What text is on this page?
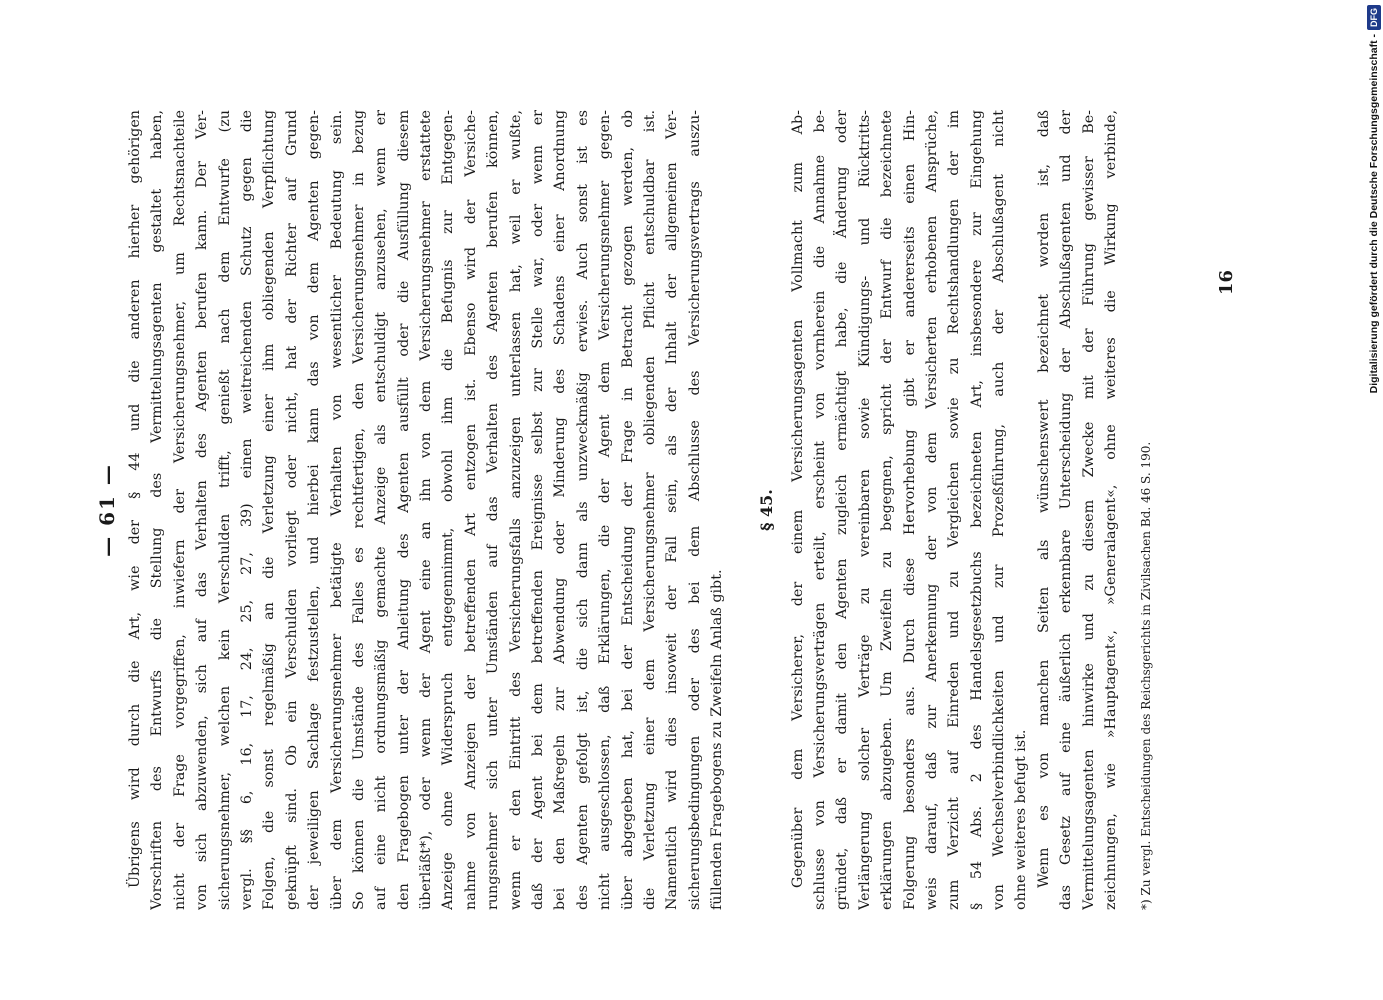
— 61 — Übrigens wird durch die Art, wie der § 44 und die anderen hierher gehörigen Vorschriften des Entwurfs die Stellung des Vermittelungsagenten gestaltet haben, nicht der Frage vorgegriffen, inwiefern der Versicherungsnehmer, um Rechtsnachteile von sich abzuwenden, sich auf das Verhalten des Agenten berufen kann. Der Ver- sicherungsnehmer, welchen kein Verschulden trifft, genießt nach dem Entwurfe (zu vergl. §§ 6, 16, 17, 24, 25, 27, 39) einen weitreichenden Schutz gegen die Folgen, die sonst regelmäßig an die Verletzung einer ihm obliegenden Verpflichtung geknüpft sind. Ob ein Verschulden vorliegt oder nicht, hat der Richter auf Grund der jeweiligen Sachlage festzustellen, und hierbei kann das von dem Agenten gegen- über dem Versicherungsnehmer betätigte Verhalten von wesentlicher Bedeutung sein. So können die Umstände des Falles es rechtfertigen, den Versicherungsnehmer in bezug auf eine nicht ordnungsmäßig gemachte Anzeige als entschuldigt anzusehen, wenn er den Fragebogen unter der Anleitung des Agenten ausfüllt oder die Ausfüllung diesem überläßt*), oder wenn der Agent eine an ihn von dem Versicherungsnehmer erstattete Anzeige ohne Widerspruch entgegennimmt, obwohl ihm die Befugnis zur Entgegen- nahme von Anzeigen der betreffenden Art entzogen ist. Ebenso wird der Versiche- rungsnehmer sich unter Umständen auf das Verhalten des Agenten berufen können, wenn er den Eintritt des Versicherungsfalls anzuzeigen unterlassen hat, weil er wußte, daß der Agent bei dem betreffenden Ereignisse selbst zur Stelle war, oder wenn er bei den Maßregeln zur Abwendung oder Minderung des Schadens einer Anordnung des Agenten gefolgt ist, die sich dann als unzweckmäßig erwies. Auch sonst ist es nicht ausgeschlossen, daß Erklärungen, die der Agent dem Versicherungsnehmer gegen- über abgegeben hat, bei der Entscheidung der Frage in Betracht gezogen werden, ob die Verletzung einer dem Versicherungsnehmer obliegenden Pflicht entschuldbar ist. Namentlich wird dies insoweit der Fall sein, als der Inhalt der allgemeinen Ver- sicherungsbedingungen oder des bei dem Abschlusse des Versicherungsvertrags auszu- füllenden Fragebogens zu Zweifeln Anlaß gibt.
§ 45. Gegenüber dem Versicherer, der einem Versicherungsagenten Vollmacht zum Ab- schlusse von Versicherungsverträgen erteilt, erscheint von vornherein die Annahme be- gründet, daß er damit den Agenten zugleich ermächtigt habe, die Änderung oder Verlängerung solcher Verträge zu vereinbaren sowie Kündigungs- und Rücktritts- erklärungen abzugeben. Um Zweifeln zu begegnen, spricht der Entwurf die bezeichnete Folgerung besonders aus. Durch diese Hervorhebung gibt er andererseits einen Hin- weis darauf, daß zur Anerkennung der von dem Versicherten erhobenen Ansprüche, zum Verzicht auf Einreden und zu Vergleichen sowie zu Rechtshandlungen der im § 54 Abs. 2 des Handelsgesetzbuchs bezeichneten Art, insbesondere zur Eingehung von Wechselverbindlichkeiten und zur Prozeßführung, auch der Abschlußagent nicht ohne weiteres befugt ist. Wenn es von manchen Seiten als wünschenswert bezeichnet worden ist, daß das Gesetz auf eine äußerlich erkennbare Unterscheidung der Abschlußagenten und der Vermittelungsagenten hinwirke und zu diesem Zwecke mit der Führung gewisser Be- zeichnungen, wie »Hauptagent«, »Generalagent«, ohne weiteres die Wirkung verbinde,	*) Zu vergl. Entscheidungen des Reichsgerichts in Zivilsachen Bd. 46 S. 190.
16	Digitalisierung gefördert durch die Deutsche Forschungsgemeinschaft -
DFG
